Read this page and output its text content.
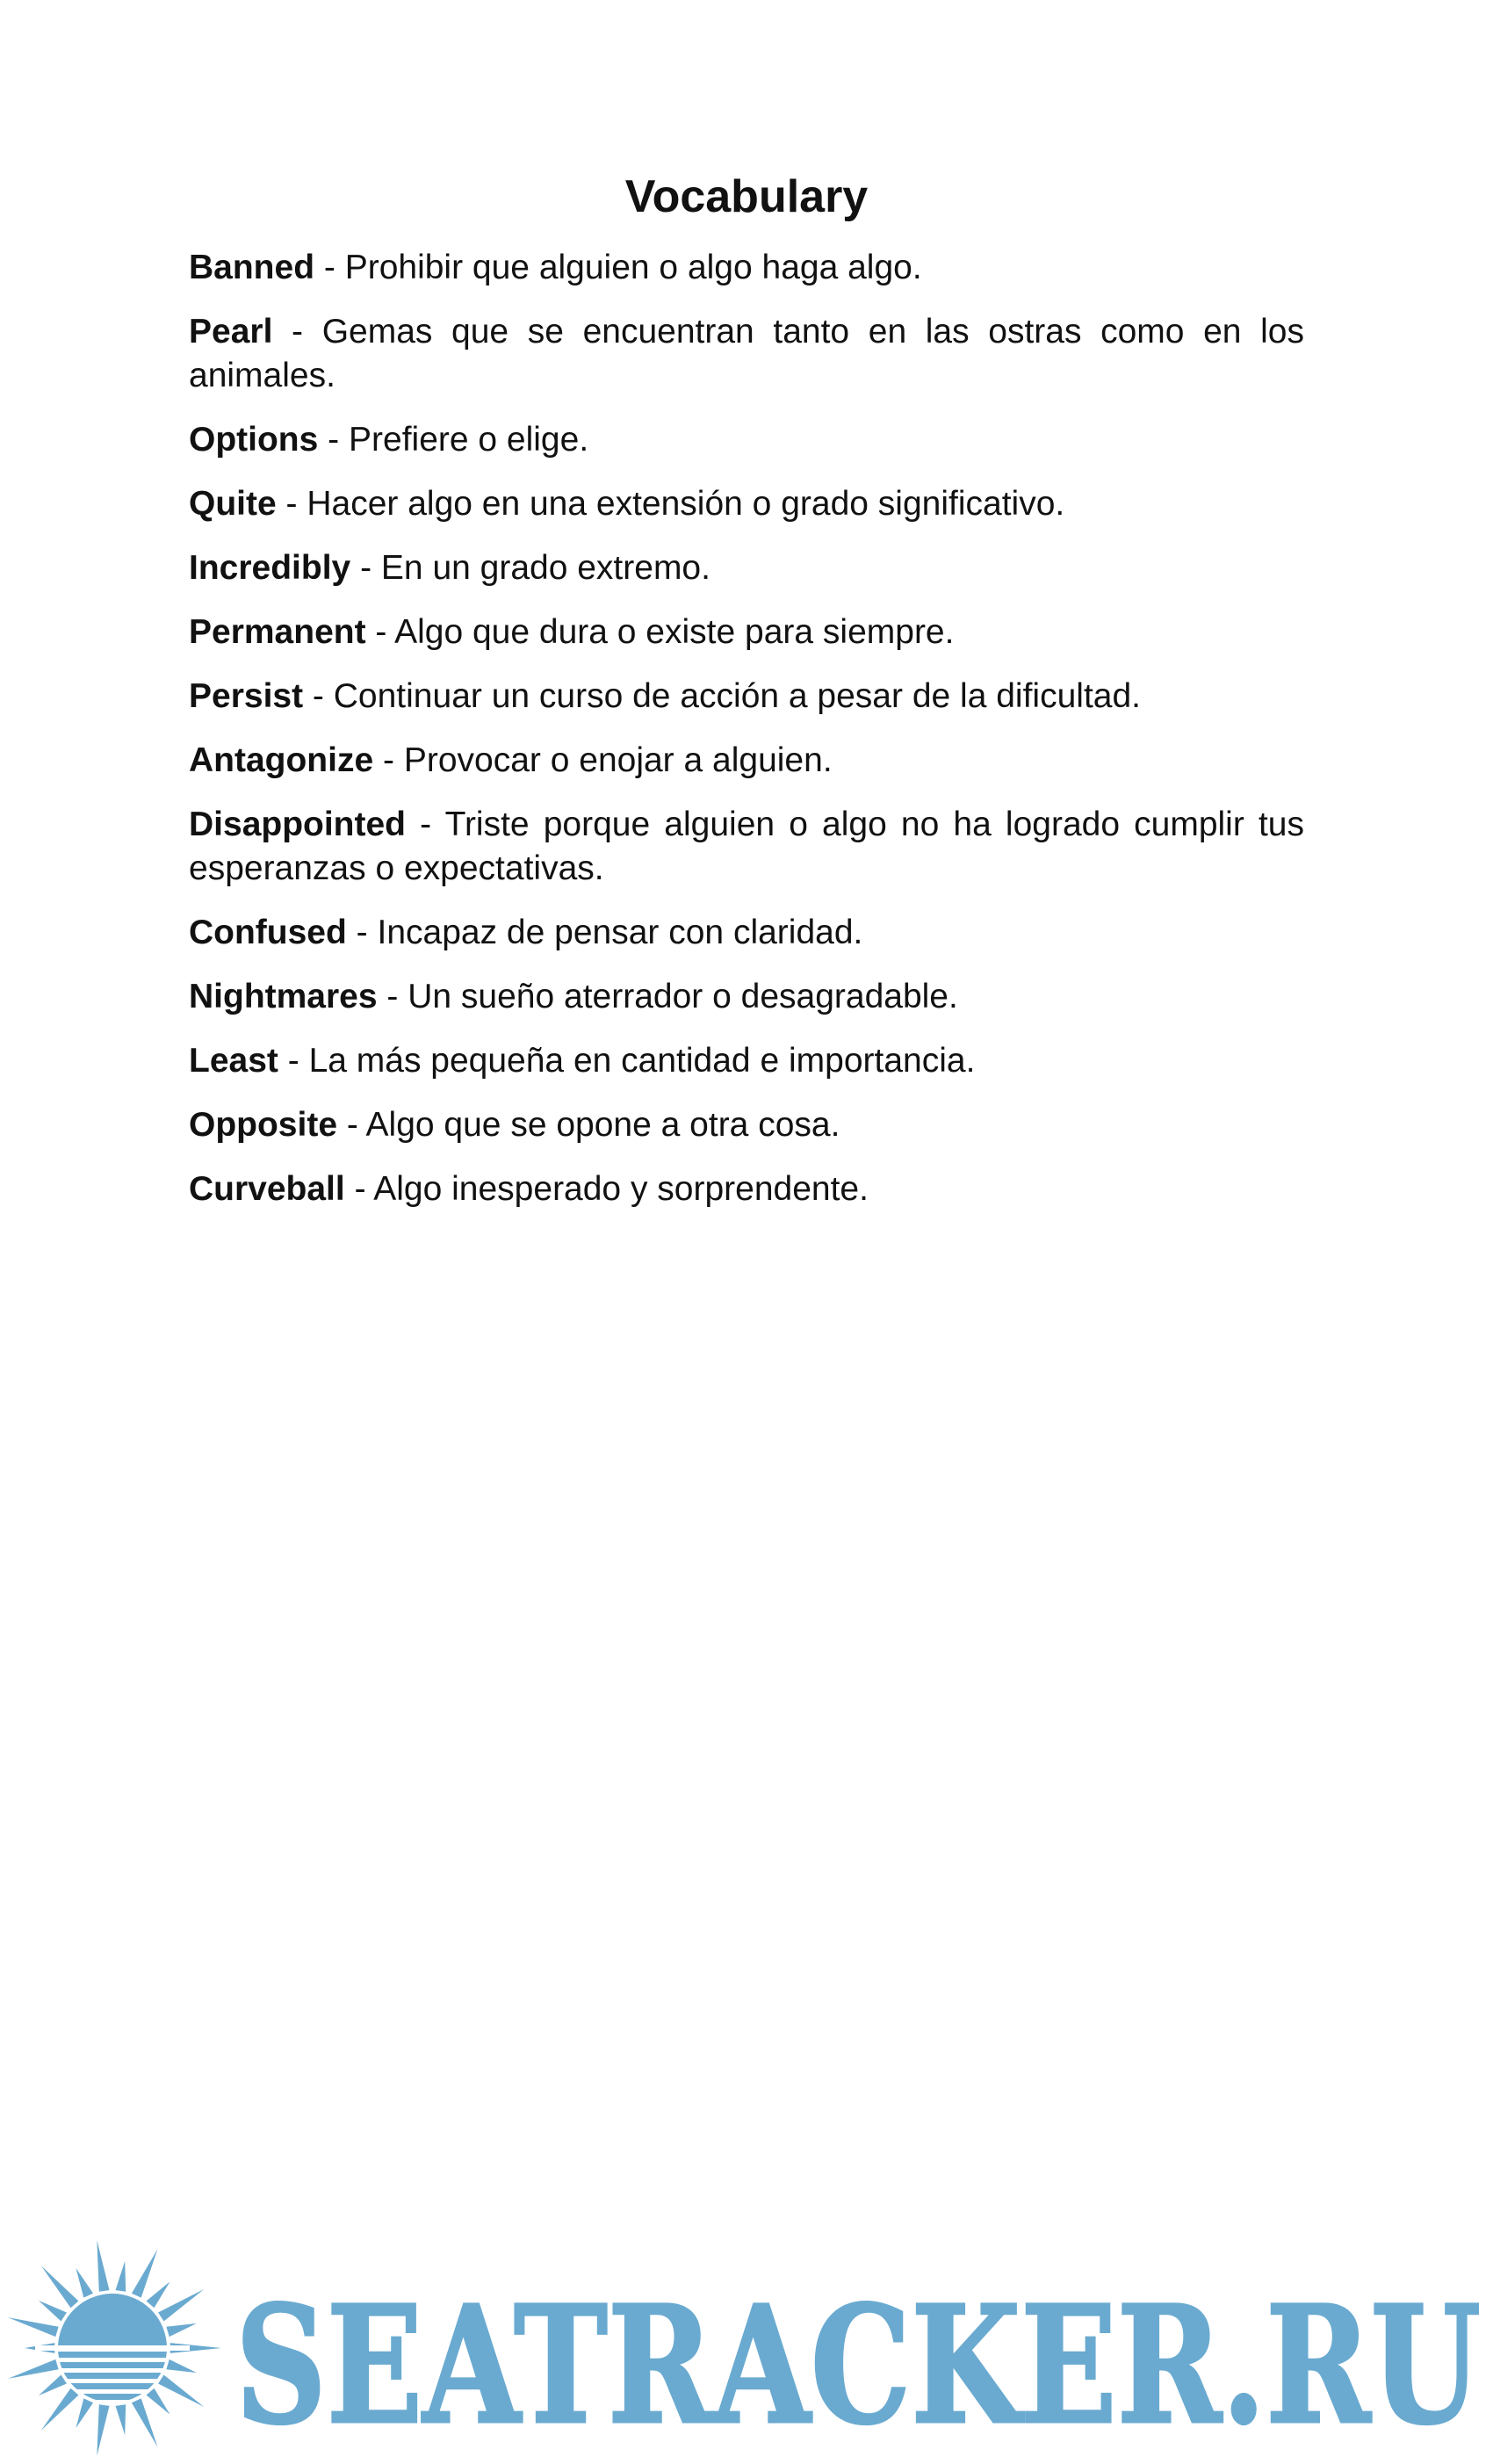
Vocabulary
Banned - Prohibir que alguien o algo haga algo.
Pearl - Gemas que se encuentran tanto en las ostras como en los animales.
Options - Prefiere o elige.
Quite - Hacer algo en una extensión o grado significativo.
Incredibly - En un grado extremo.
Permanent - Algo que dura o existe para siempre.
Persist - Continuar un curso de acción a pesar de la dificultad.
Antagonize - Provocar o enojar a alguien.
Disappointed - Triste porque alguien o algo no ha logrado cumplir tus esperanzas o expectativas.
Confused - Incapaz de pensar con claridad.
Nightmares - Un sueño aterrador o desagradable.
Least - La más pequeña en cantidad e importancia.
Opposite - Algo que se opone a otra cosa.
Curveball - Algo inesperado y sorprendente.
SEATRACKER.RU
